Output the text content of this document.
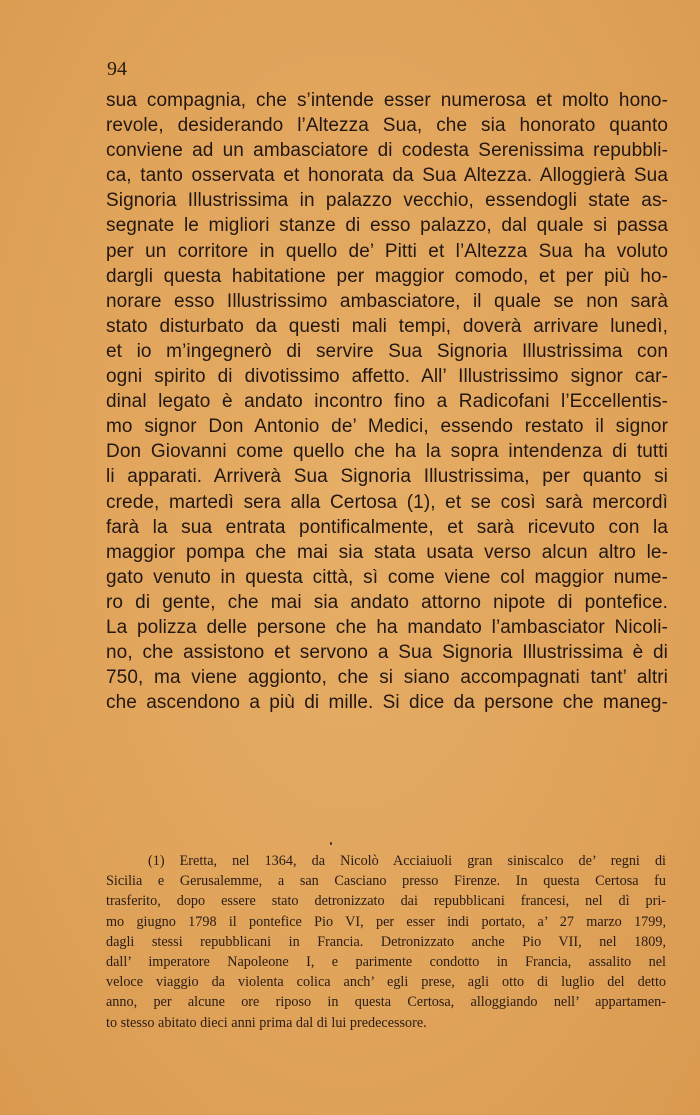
94
sua compagnia, che s’intende esser numerosa et molto hono-
revole, desiderando l’Altezza Sua, che sia honorato quanto
conviene ad un ambasciatore di codesta Serenissima repubbli-
ca, tanto osservata et honorata da Sua Altezza. Alloggierà Sua
Signoria Illustrissima in palazzo vecchio, essendogli state as-
segnate le migliori stanze di esso palazzo, dal quale si passa
per un corritore in quello de’ Pitti et l’Altezza Sua ha voluto
dargli questa habitatione per maggior comodo, et per più ho-
norare esso Illustrissimo ambasciatore, il quale se non sarà
stato disturbato da questi mali tempi, doverà arrivare lunedì,
et io m’ingegnerò di servire Sua Signoria Illustrissima con
ogni spirito di divotissimo affetto. All’ Illustrissimo signor car-
dinal legato è andato incontro fino a Radicofani l’Eccellentis-
mo signor Don Antonio de’ Medici, essendo restato il signor
Don Giovanni come quello che ha la sopra intendenza di tutti
li apparati. Arriverà Sua Signoria Illustrissima, per quanto si
crede, martedì sera alla Certosa (1), et se così sarà mercordì
farà la sua entrata pontificalmente, et sarà ricevuto con la
maggior pompa che mai sia stata usata verso alcun altro le-
gato venuto in questa città, sì come viene col maggior nume-
ro di gente, che mai sia andato attorno nipote di pontefice.
La polizza delle persone che ha mandato l’ambasciator Nicoli-
no, che assistono et servono a Sua Signoria Illustrissima è di
750, ma viene aggionto, che si siano accompagnati tant’ altri
che ascendono a più di mille. Si dice da persone che maneg-
(1) Eretta, nel 1364, da Nicolò Acciaiuoli gran siniscalco de’ regni di
Sicilia e Gerusalemme, a san Casciano presso Firenze. In questa Certosa fu
trasferito, dopo essere stato detronizzato dai repubblicani francesi, nel dì pri-
mo giugno 1798 il pontefice Pio VI, per esser indi portato, a’ 27 marzo 1799,
dagli stessi repubblicani in Francia. Detronizzato anche Pio VII, nel 1809,
dall’ imperatore Napoleone I, e parimente condotto in Francia, assalito nel
veloce viaggio da violenta colica anch’ egli prese, agli otto di luglio del detto
anno, per alcune ore riposo in questa Certosa, alloggiando nell’ appartamen-
to stesso abitato dieci anni prima dal di lui predecessore.
